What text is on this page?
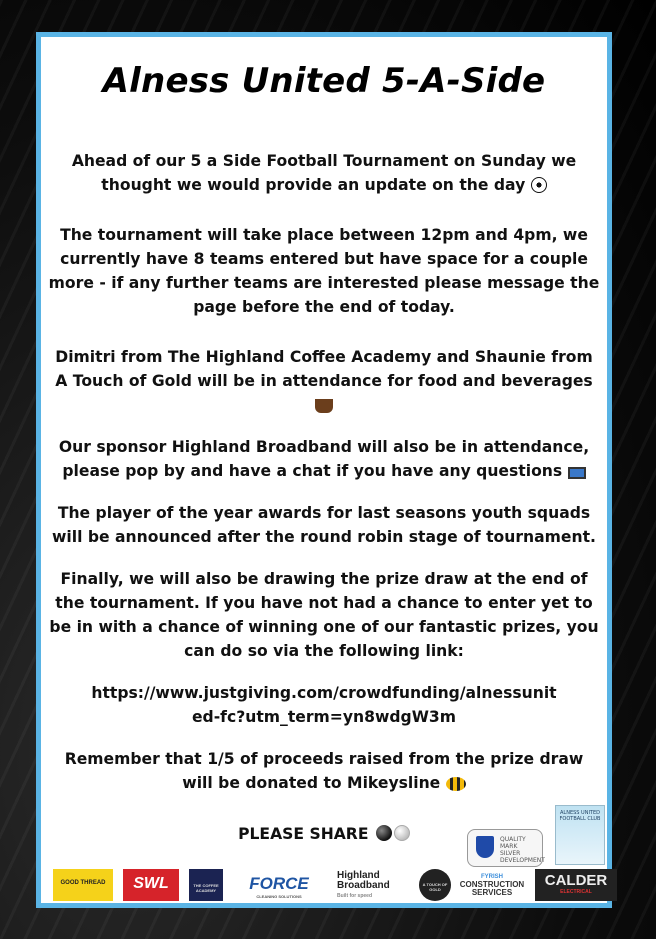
Alness United 5-A-Side

Ahead of our 5 a Side Football Tournament on Sunday we thought we would provide an update on the day

The tournament will take place between 12pm and 4pm, we currently have 8 teams entered but have space for a couple more - if any further teams are interested please message the page before the end of today.

Dimitri from The Highland Coffee Academy and Shaunie from A Touch of Gold will be in attendance for food and beverages

Our sponsor Highland Broadband will also be in attendance, please pop by and have a chat if you have any questions

The player of the year awards for last seasons youth squads will be announced after the round robin stage of tournament.

Finally, we will also be drawing the prize draw at the end of the tournament. If you have not had a chance to enter yet to be in with a chance of winning one of our fantastic prizes, you can do so via the following link:

https://www.justgiving.com/crowdfunding/alnessunited-fc?utm_term=yn8wdgW3m

Remember that 1/5 of proceeds raised from the prize draw will be donated to Mikeysline

PLEASE SHARE	QUALITY MARK
SILVER
DEVELOPMENT
ALNESS UNITED FOOTBALL CLUB
GOOD THREAD	SWL	THE COFFEE ACADEMY	FORCE
CLEANING SOLUTIONS
Highland Broadband
Built for speed
A TOUCH OF GOLD
FYRISH
CONSTRUCTION SERVICES
CALDER
ELECTRICAL
